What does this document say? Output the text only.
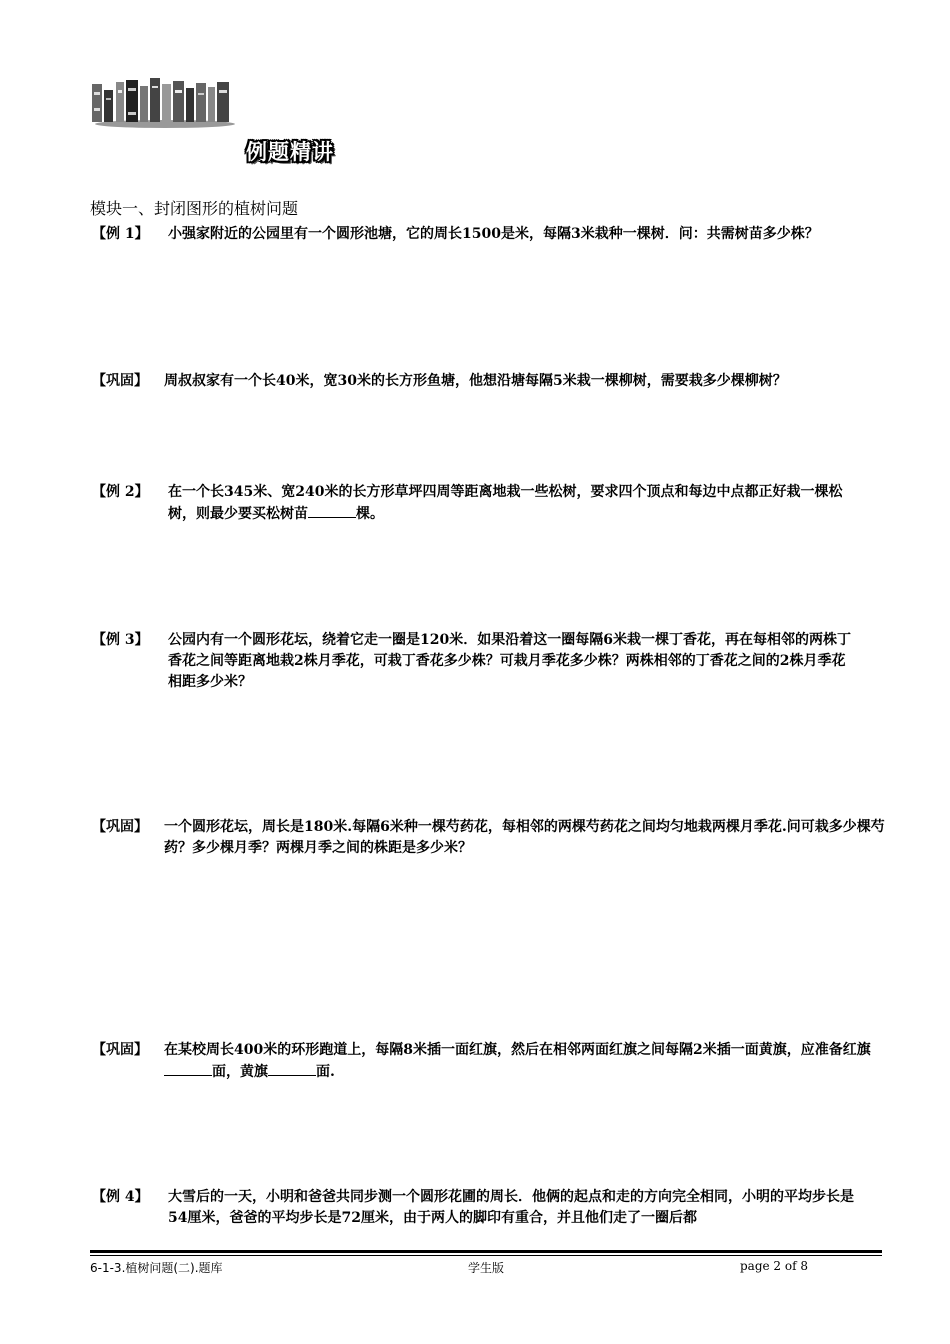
例题精讲
模块一、封闭图形的植树问题
【例 1】 小强家附近的公园里有一个圆形池塘，它的周长1500是米，每隔3米栽种一棵树．问：共需树苗多少株？
【巩固】 周叔叔家有一个长40米，宽30米的长方形鱼塘，他想沿塘每隔5米栽一棵柳树，需要栽多少棵柳树？
【例 2】 在一个长345米、宽240米的长方形草坪四周等距离地栽一些松树，要求四个顶点和每边中点都正好栽一棵松树，则最少要买松树苗	棵。
【例 3】 公园内有一个圆形花坛，绕着它走一圈是120米．如果沿着这一圈每隔6米栽一棵丁香花，再在每相邻的两株丁香花之间等距离地栽2株月季花，可栽丁香花多少株？可栽月季花多少株？两株相邻的丁香花之间的2株月季花相距多少米？
【巩固】 一个圆形花坛，周长是180米.每隔6米种一棵芍药花，每相邻的两棵芍药花之间均匀地栽两棵月季花.问可栽多少棵芍药？多少棵月季？两棵月季之间的株距是多少米？
【巩固】 在某校周长400米的环形跑道上，每隔8米插一面红旗，然后在相邻两面红旗之间每隔2米插一面黄旗，应准备红旗面，黄旗	面.
【例 4】 大雪后的一天，小明和爸爸共同步测一个圆形花圃的周长．他俩的起点和走的方向完全相同，小明的平均步长是54厘米，爸爸的平均步长是72厘米，由于两人的脚印有重合，并且他们走了一圈后都
6-1-3.植树问题(二).题库	学生版	page 2 of 8
